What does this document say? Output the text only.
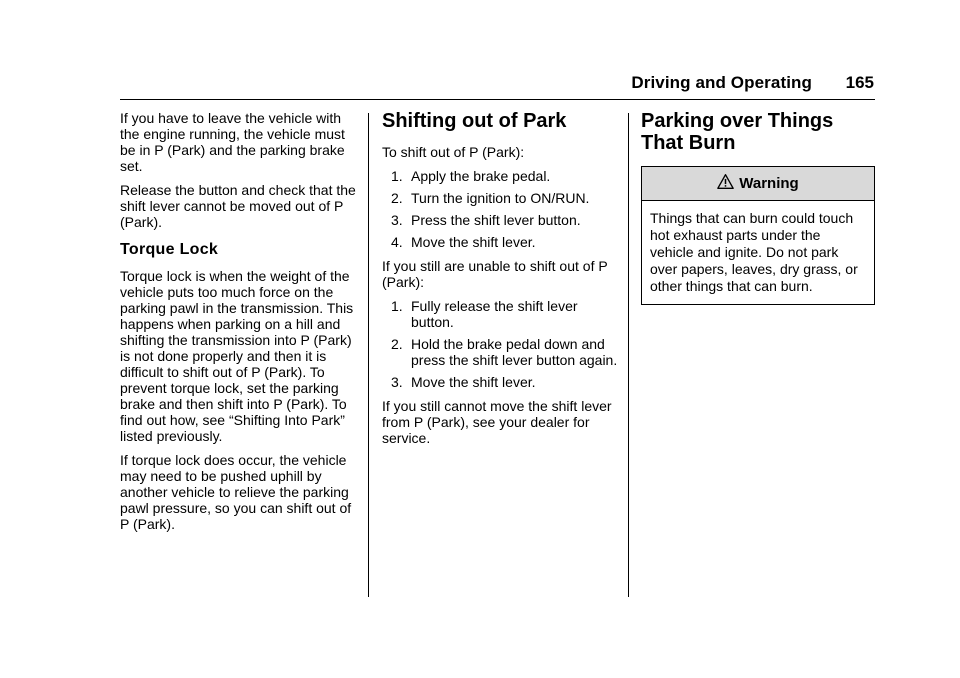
Driving and Operating 165

If you have to leave the vehicle with the engine running, the vehicle must be in P (Park) and the parking brake set.

Release the button and check that the shift lever cannot be moved out of P (Park).

Torque Lock

Torque lock is when the weight of the vehicle puts too much force on the parking pawl in the transmission. This happens when parking on a hill and shifting the transmission into P (Park) is not done properly and then it is difficult to shift out of P (Park). To prevent torque lock, set the parking brake and then shift into P (Park). To find out how, see “Shifting Into Park” listed previously.

If torque lock does occur, the vehicle may need to be pushed uphill by another vehicle to relieve the parking pawl pressure, so you can shift out of P (Park).

Shifting out of Park

To shift out of P (Park):

1. Apply the brake pedal.
2. Turn the ignition to ON/RUN.
3. Press the shift lever button.
4. Move the shift lever.

If you still are unable to shift out of P (Park):

1. Fully release the shift lever button.
2. Hold the brake pedal down and press the shift lever button again.
3. Move the shift lever.

If you still cannot move the shift lever from P (Park), see your dealer for service.

Parking over Things That Burn
Warning
Things that can burn could touch hot exhaust parts under the vehicle and ignite. Do not park over papers, leaves, dry grass, or other things that can burn.
